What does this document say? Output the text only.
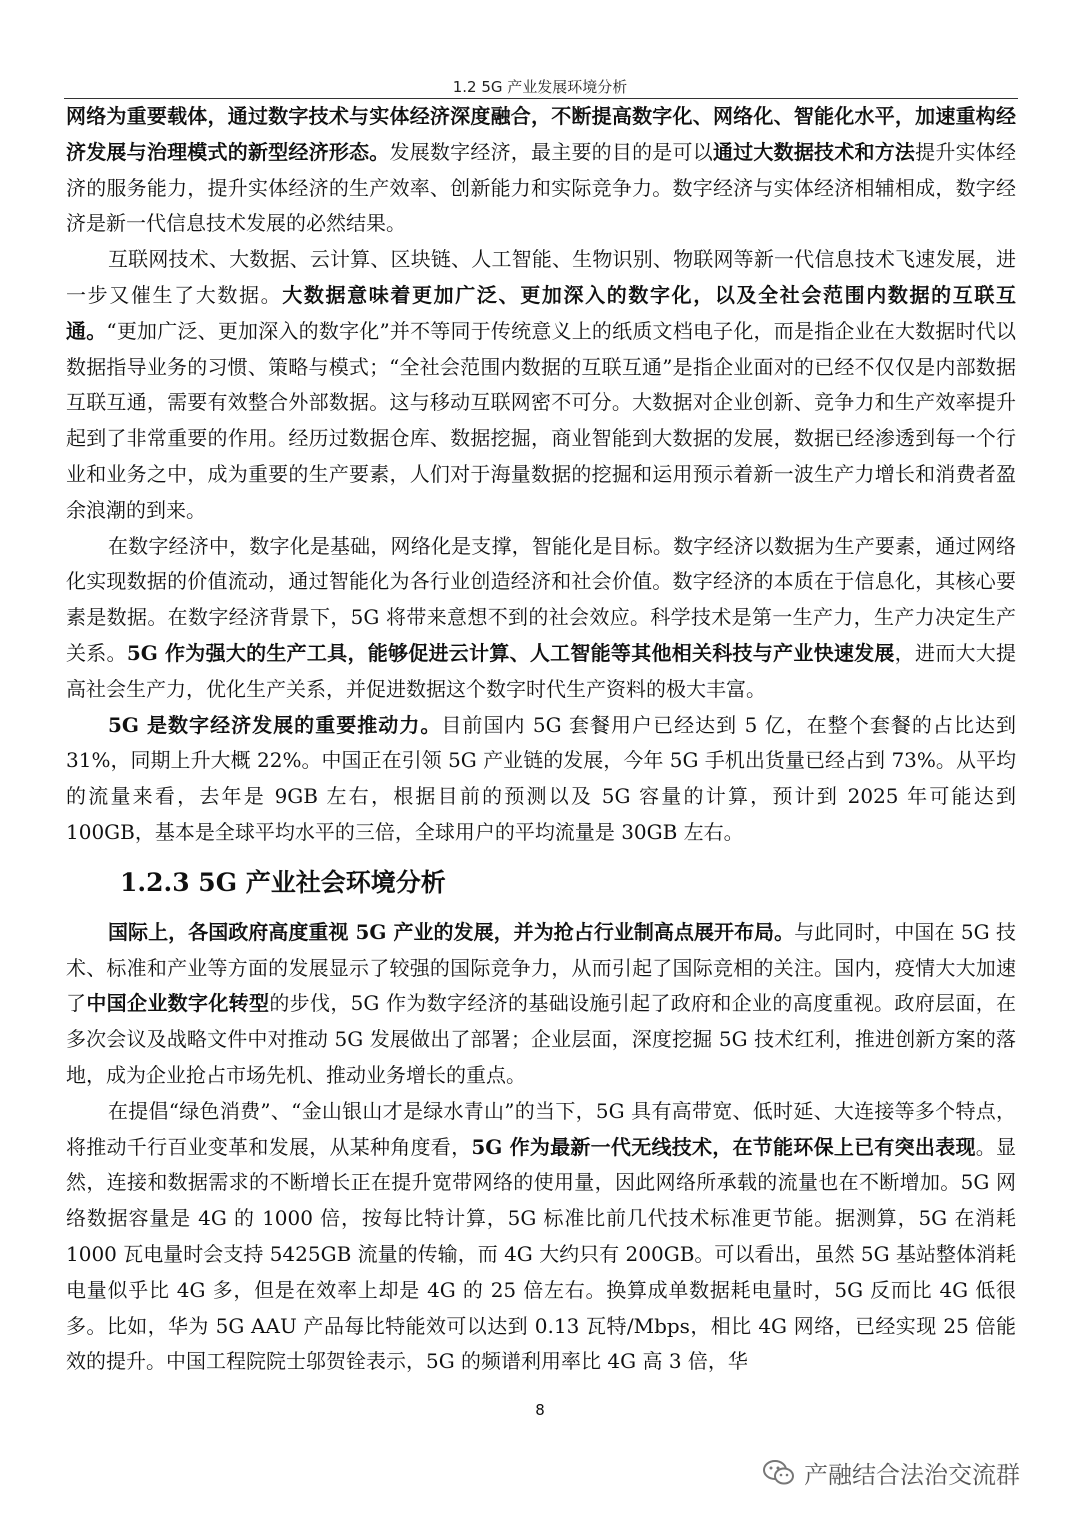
1.2 5G 产业发展环境分析

网络为重要载体，通过数字技术与实体经济深度融合，不断提高数字化、网络化、智能化水平，加速重构经济发展与治理模式的新型经济形态。发展数字经济，最主要的目的是可以通过大数据技术和方法提升实体经济的服务能力，提升实体经济的生产效率、创新能力和实际竞争力。数字经济与实体经济相辅相成，数字经济是新一代信息技术发展的必然结果。

互联网技术、大数据、云计算、区块链、人工智能、生物识别、物联网等新一代信息技术飞速发展，进一步又催生了大数据。大数据意味着更加广泛、更加深入的数字化，以及全社会范围内数据的互联互通。“更加广泛、更加深入的数字化”并不等同于传统意义上的纸质文档电子化，而是指企业在大数据时代以数据指导业务的习惯、策略与模式；“全社会范围内数据的互联互通”是指企业面对的已经不仅仅是内部数据互联互通，需要有效整合外部数据。这与移动互联网密不可分。大数据对企业创新、竞争力和生产效率提升起到了非常重要的作用。经历过数据仓库、数据挖掘，商业智能到大数据的发展，数据已经渗透到每一个行业和业务之中，成为重要的生产要素，人们对于海量数据的挖掘和运用预示着新一波生产力增长和消费者盈余浪潮的到来。

在数字经济中，数字化是基础，网络化是支撑，智能化是目标。数字经济以数据为生产要素，通过网络化实现数据的价值流动，通过智能化为各行业创造经济和社会价值。数字经济的本质在于信息化，其核心要素是数据。在数字经济背景下，5G 将带来意想不到的社会效应。科学技术是第一生产力，生产力决定生产关系。5G 作为强大的生产工具，能够促进云计算、人工智能等其他相关科技与产业快速发展，进而大大提高社会生产力，优化生产关系，并促进数据这个数字时代生产资料的极大丰富。

5G 是数字经济发展的重要推动力。目前国内 5G 套餐用户已经达到 5 亿，在整个套餐的占比达到 31%，同期上升大概 22%。中国正在引领 5G 产业链的发展，今年 5G 手机出货量已经占到 73%。从平均的流量来看，去年是 9GB 左右，根据目前的预测以及 5G 容量的计算，预计到 2025 年可能达到 100GB，基本是全球平均水平的三倍，全球用户的平均流量是 30GB 左右。

1.2.3 5G 产业社会环境分析

国际上，各国政府高度重视 5G 产业的发展，并为抢占行业制高点展开布局。与此同时，中国在 5G 技术、标准和产业等方面的发展显示了较强的国际竞争力，从而引起了国际竞相的关注。国内，疫情大大加速了中国企业数字化转型的步伐，5G 作为数字经济的基础设施引起了政府和企业的高度重视。政府层面，在多次会议及战略文件中对推动 5G 发展做出了部署；企业层面，深度挖掘 5G 技术红利，推进创新方案的落地，成为企业抢占市场先机、推动业务增长的重点。

在提倡“绿色消费”、“金山银山才是绿水青山”的当下，5G 具有高带宽、低时延、大连接等多个特点，将推动千行百业变革和发展，从某种角度看，5G 作为最新一代无线技术，在节能环保上已有突出表现。显然，连接和数据需求的不断增长正在提升宽带网络的使用量，因此网络所承载的流量也在不断增加。5G 网络数据容量是 4G 的 1000 倍，按每比特计算，5G 标准比前几代技术标准更节能。据测算，5G 在消耗 1000 瓦电量时会支持 5425GB 流量的传输，而 4G 大约只有 200GB。可以看出，虽然 5G 基站整体消耗电量似乎比 4G 多，但是在效率上却是 4G 的 25 倍左右。换算成单数据耗电量时，5G 反而比 4G 低很多。比如，华为 5G AAU 产品每比特能效可以达到 0.13 瓦特/Mbps，相比 4G 网络，已经实现 25 倍能效的提升。中国工程院院士邬贺铨表示，5G 的频谱利用率比 4G 高 3 倍，华

8
产融结合法治交流群
